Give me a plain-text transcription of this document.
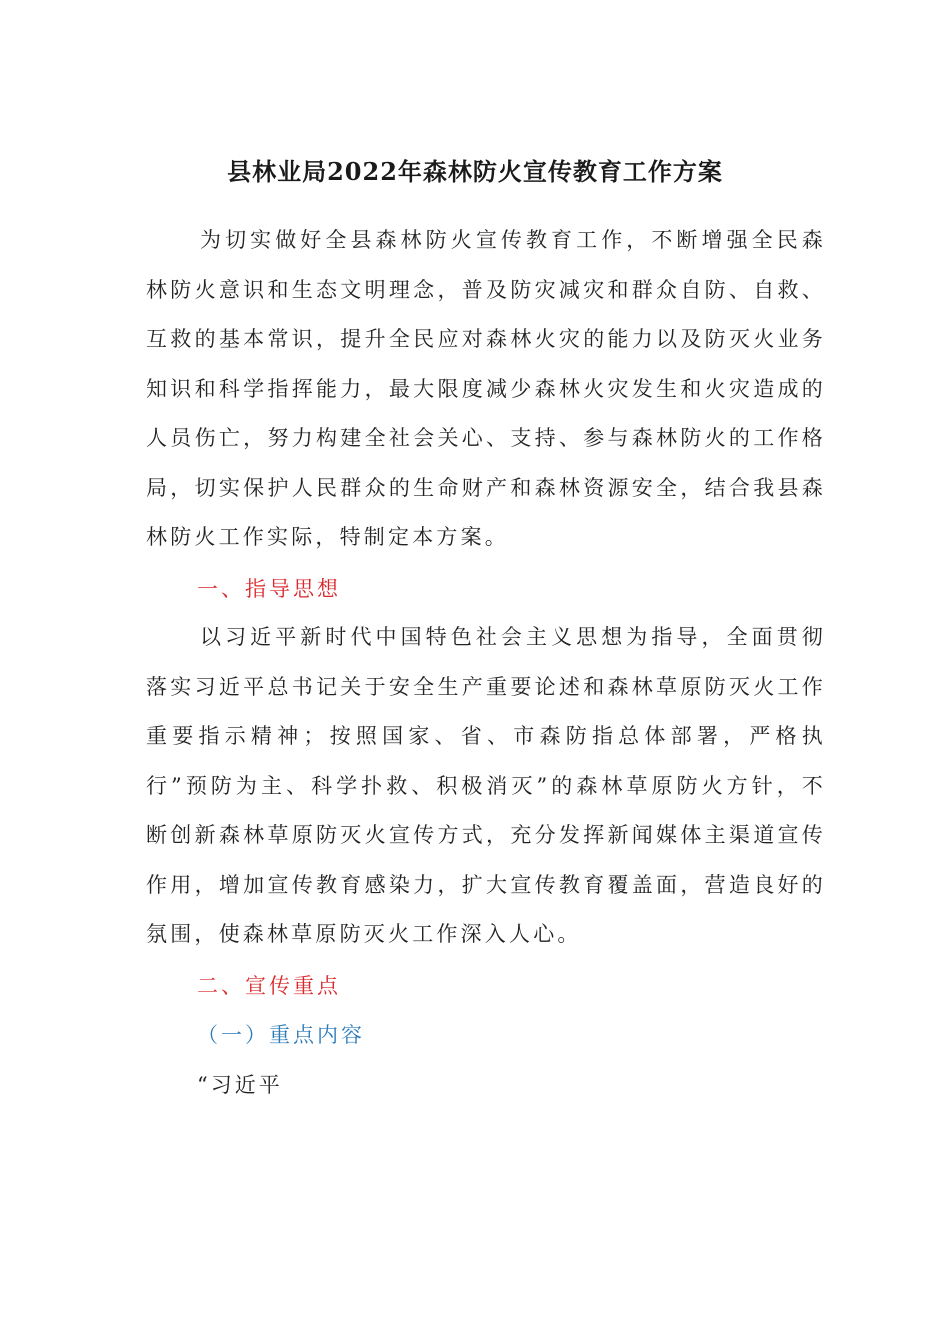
县林业局2022年森林防火宣传教育工作方案

为切实做好全县森林防火宣传教育工作，不断增强全民森林防火意识和生态文明理念，普及防灾减灾和群众自防、自救、互救的基本常识，提升全民应对森林火灾的能力以及防灭火业务知识和科学指挥能力，最大限度减少森林火灾发生和火灾造成的人员伤亡，努力构建全社会关心、支持、参与森林防火的工作格局，切实保护人民群众的生命财产和森林资源安全，结合我县森林防火工作实际，特制定本方案。

一、指导思想

以习近平新时代中国特色社会主义思想为指导，全面贯彻落实习近平总书记关于安全生产重要论述和森林草原防灭火工作重要指示精神；按照国家、省、市森防指总体部署，严格执行”预防为主、科学扑救、积极消灭”的森林草原防火方针，不断创新森林草原防灭火宣传方式，充分发挥新闻媒体主渠道宣传作用，增加宣传教育感染力，扩大宣传教育覆盖面，营造良好的氛围，使森林草原防灭火工作深入人心。

二、宣传重点

（一）重点内容

“习近平
